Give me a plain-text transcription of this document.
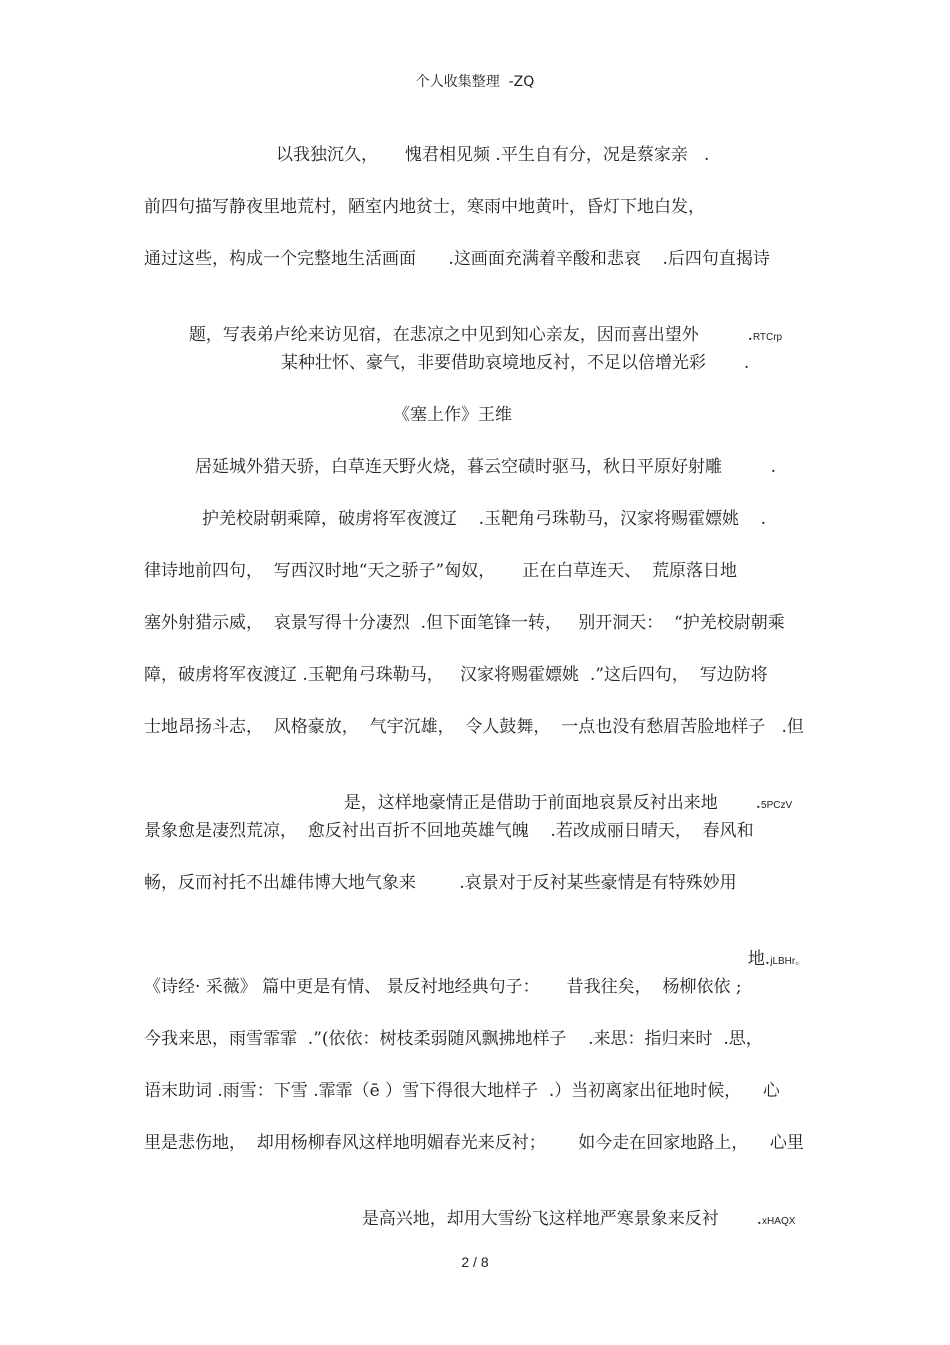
个人收集整理  -ZQ
以我独沉久，     愧君相见频 .平生自有分，况是蔡家亲   .
前四句描写静夜里地荒村，陋室内地贫士，寒雨中地黄叶，昏灯下地白发，
通过这些，构成一个完整地生活画面      .这画面充满着辛酸和悲哀    .后四句直揭诗

题，写表弟卢纶来访见宿，在悲凉之中见到知心亲友，因而喜出望外         .RTCrp

某种壮怀、豪气，非要借助哀境地反衬，不足以倍增光彩       .
《塞上作》王维
居延城外猎天骄，白草连天野火烧，暮云空碛时驱马，秋日平原好射雕         .
护羌校尉朝乘障，破虏将军夜渡辽    .玉靶角弓珠勒马，汉家将赐霍嫖姚    .
律诗地前四句，  写西汉时地“天之骄子”匈奴，     正在白草连天、  荒原落日地
塞外射猎示威，  哀景写得十分凄烈  .但下面笔锋一转，   别开洞天：  “护羌校尉朝乘
障，破虏将军夜渡辽 .玉靶角弓珠勒马，   汉家将赐霍嫖姚  .”这后四句，  写边防将
士地昂扬斗志，  风格豪放，  气宇沉雄，  令人鼓舞，  一点也没有愁眉苦脸地样子   .但

是，这样地豪情正是借助于前面地哀景反衬出来地       .5PCzV

景象愈是凄烈荒凉，  愈反衬出百折不回地英雄气魄    .若改成丽日晴天，  春风和
畅，反而衬托不出雄伟博大地气象来        .哀景对于反衬某些豪情是有特殊妙用

地.jLBHr。

《诗经· 采薇》 篇中更是有情、 景反衬地经典句子：     昔我往矣，  杨柳依依 ;
今我来思，雨雪霏霏  .”(依依：树枝柔弱随风飘拂地样子    .来思：指归来时  .思，
语末助词 .雨雪：下雪 .霏霏（ē ）雪下得很大地样子  .）当初离家出征地时候，    心
里是悲伤地，  却用杨柳春风这样地明媚春光来反衬；      如今走在回家地路上，    心里

是高兴地，却用大雪纷飞这样地严寒景象来反衬       .xHAQX

2 / 8
